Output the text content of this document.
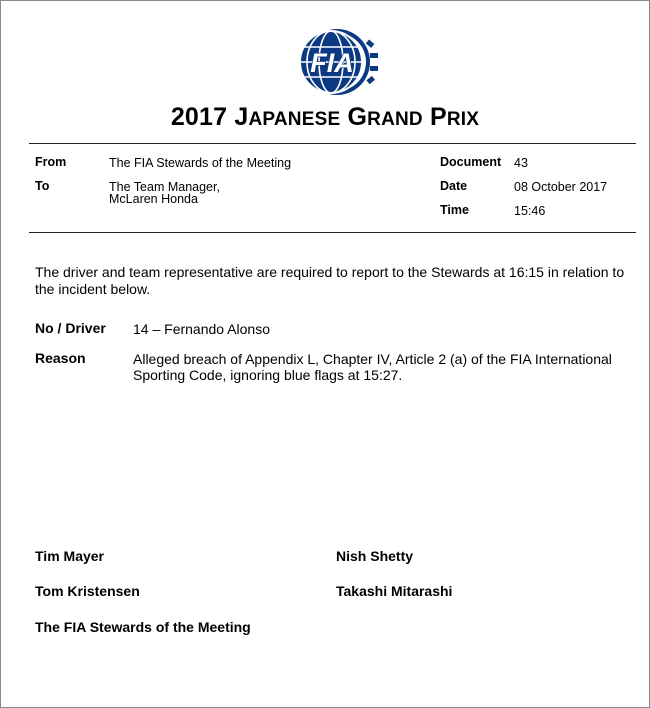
FIA
2017 JAPANESE GRAND PRIX
From	The FIA Stewards of the Meeting
To	The Team Manager,
McLaren Honda
Document 43
Date	08 October 2017
Time	15:46
The driver and team representative are required to report to the Stewards at 16:15 in relation to the incident below.
No / Driver 14 – Fernando Alonso
Reason	Alleged breach of Appendix L, Chapter IV, Article 2 (a) of the FIA International Sporting Code, ignoring blue flags at 15:27.
Tim Mayer	Nish Shetty
Tom Kristensen	Takashi Mitarashi
The FIA Stewards of the Meeting
